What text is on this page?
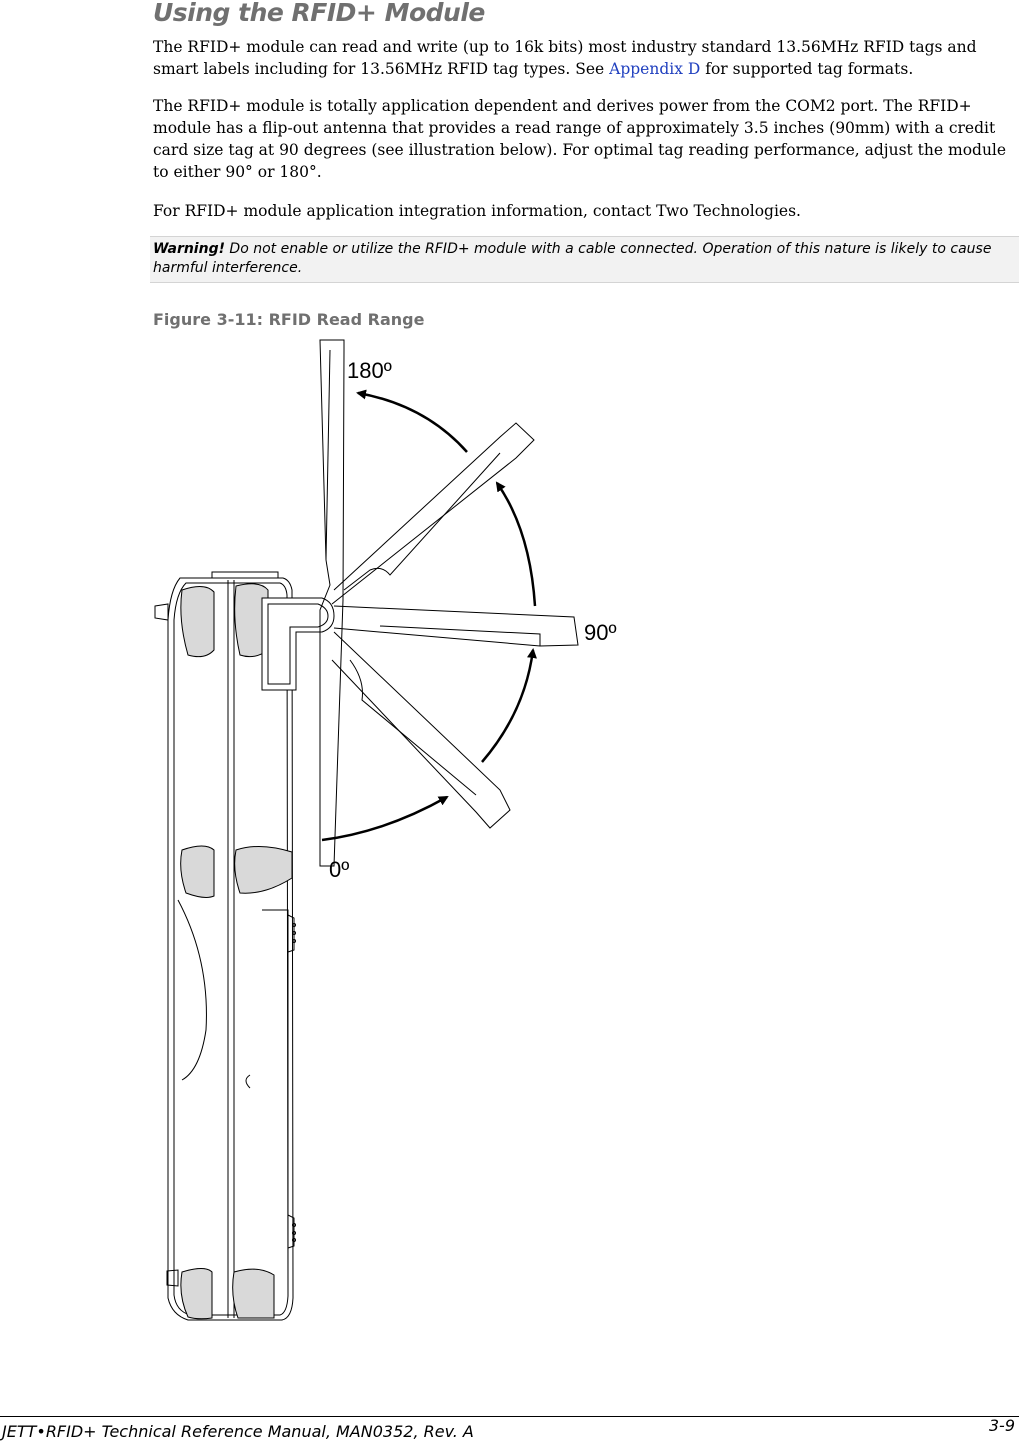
Using the RFID+ Module

The RFID+ module can read and write (up to 16k bits) most industry standard 13.56MHz RFID tags and smart labels including for 13.56MHz RFID tag types. See Appendix D for supported tag formats.

The RFID+ module is totally application dependent and derives power from the COM2 port. The RFID+ module has a flip-out antenna that provides a read range of approximately 3.5 inches (90mm) with a credit card size tag at 90 degrees (see illustration below). For optimal tag reading performance, adjust the module to either 90° or 180°.

For RFID+ module application integration information, contact Two Technologies.

Warning! Do not enable or utilize the RFID+ module with a cable connected. Operation of this nature is likely to cause harmful interference.

Figure 3-11: RFID Read Range

180º
90º
0º
JETT•RFID+ Technical Reference Manual, MAN0352, Rev. A	3-9
